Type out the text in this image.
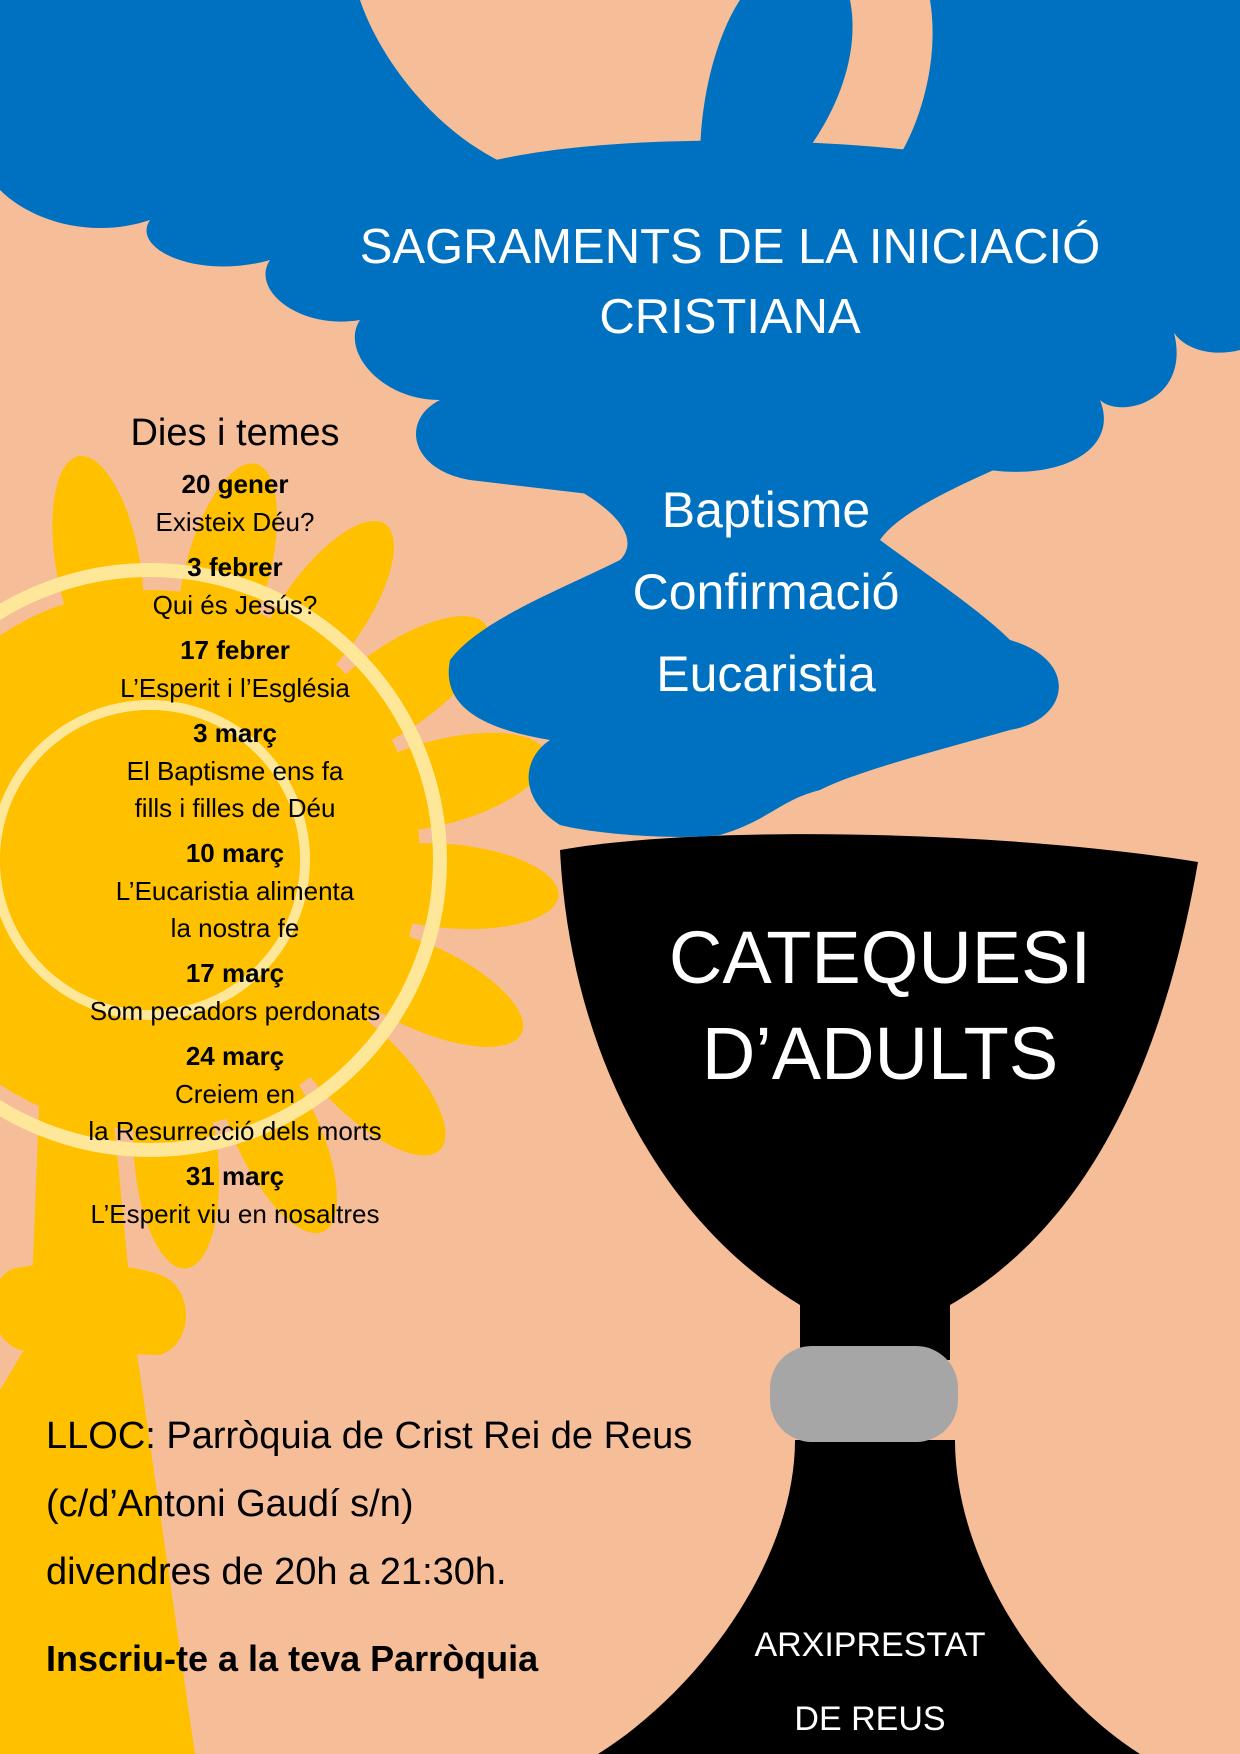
SAGRAMENTS DE LA INICIACIÓ
CRISTIANA
Baptisme
Confirmació
Eucaristia
CATEQUESI
D’ADULTS
Dies i temes
20 gener
Existeix Déu?
3 febrer
Qui és Jesús?
17 febrer
L’Esperit i l’Església
3 març
El Baptisme ens fa
fills i filles de Déu
10 març
L’Eucaristia alimenta
la nostra fe
17 març
Som pecadors perdonats
24 març
Creiem en
la Resurrecció dels morts
31 març
L’Esperit viu en nosaltres
LLOC: Parròquia de Crist Rei de Reus
(c/d’Antoni Gaudí s/n)
divendres de 20h a 21:30h.
Inscriu-te a la teva Parròquia	ARXIPRESTAT
DE REUS
